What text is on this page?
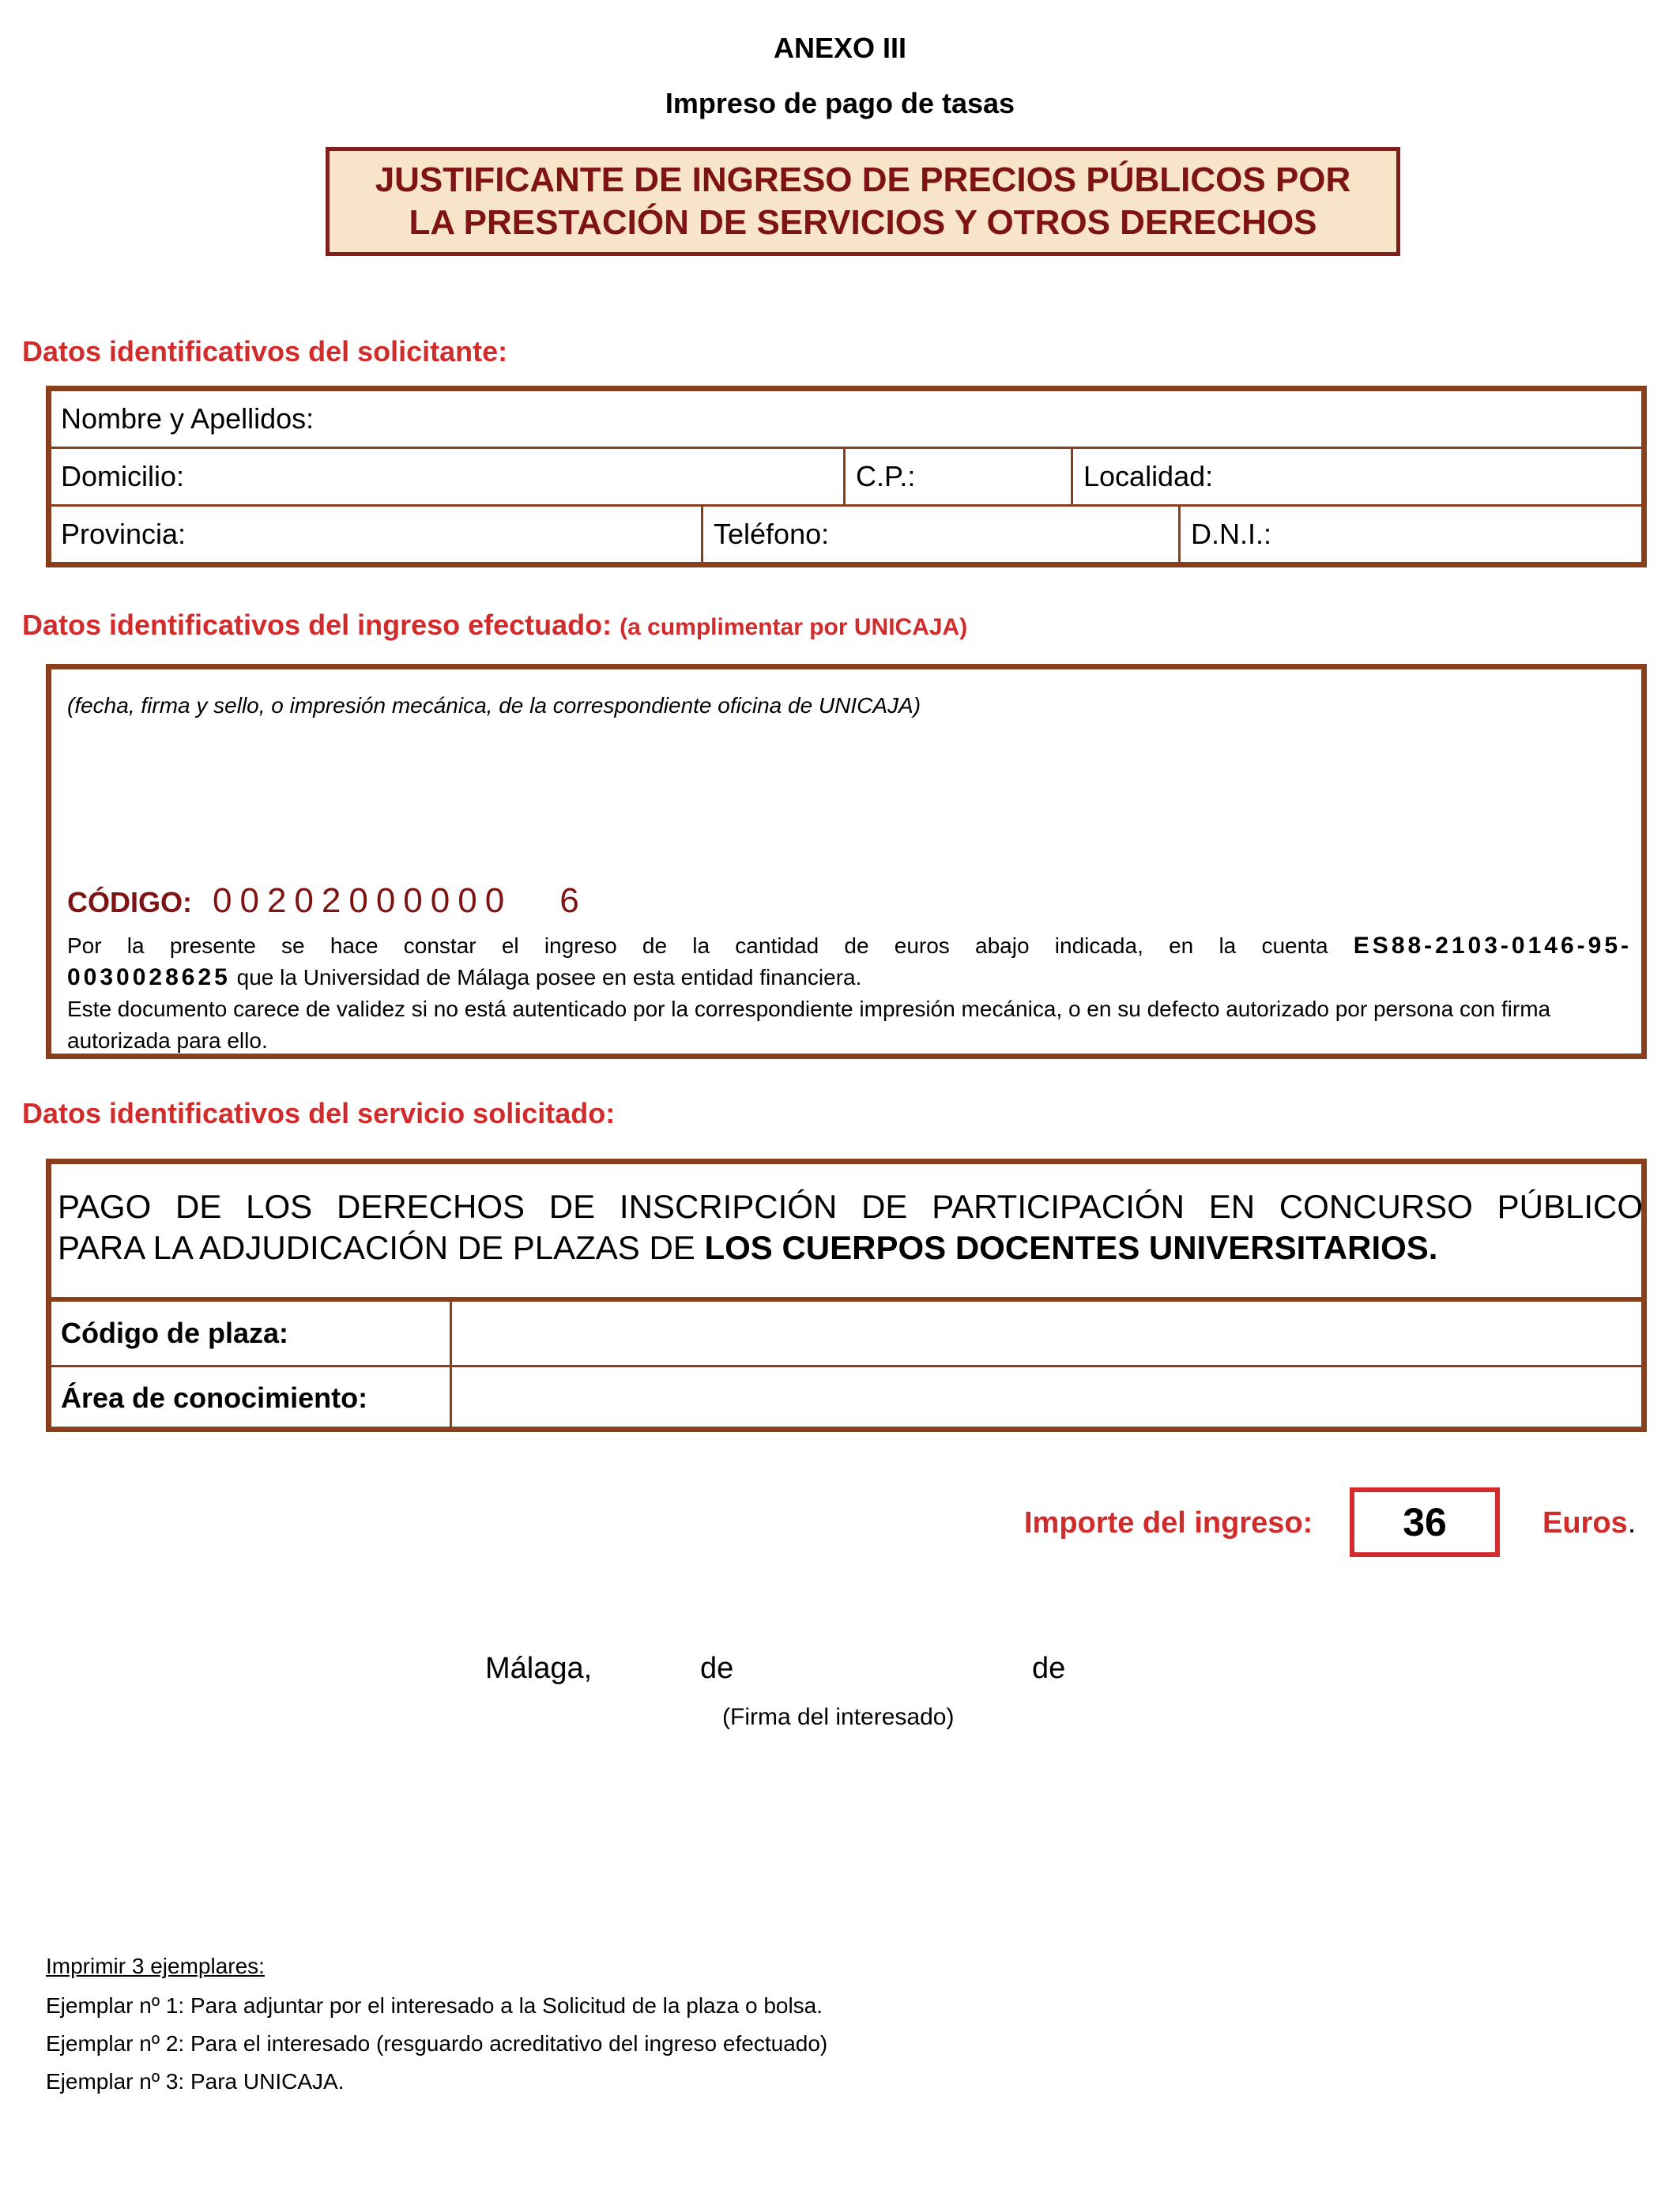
ANEXO III
Impreso de pago de tasas
JUSTIFICANTE DE INGRESO DE PRECIOS PÚBLICOS POR
LA PRESTACIÓN DE SERVICIOS Y OTROS DERECHOS
Datos identificativos del solicitante:
Nombre y Apellidos:
Domicilio:	C.P.:	Localidad:
Provincia:	Teléfono:	D.N.I.:
Datos identificativos del ingreso efectuado: (a cumplimentar por UNICAJA)
(fecha, firma y sello, o impresión mecánica, de la correspondiente oficina de UNICAJA)
CÓDIGO: 00202000000 6
Por la presente se hace constar el ingreso de la cantidad de euros abajo indicada, en la cuenta ES88-2103-0146-95-
0030028625 que la Universidad de Málaga posee en esta entidad financiera.
Este documento carece de validez si no está autenticado por la correspondiente impresión mecánica, o en su defecto autorizado por persona con firma autorizada para ello.
Datos identificativos del servicio solicitado:
PAGO DE LOS DERECHOS DE INSCRIPCIÓN DE PARTICIPACIÓN EN CONCURSO PÚBLICO
PARA LA ADJUDICACIÓN DE PLAZAS DE LOS CUERPOS DOCENTES UNIVERSITARIOS.
Código de plaza:
Área de conocimiento:
Importe del ingreso:	36	Euros.
Málaga,	de	de
(Firma del interesado)
Imprimir 3 ejemplares:
Ejemplar nº 1: Para adjuntar por el interesado a la Solicitud de la plaza o bolsa.
Ejemplar nº 2: Para el interesado (resguardo acreditativo del ingreso efectuado)
Ejemplar nº 3: Para UNICAJA.
